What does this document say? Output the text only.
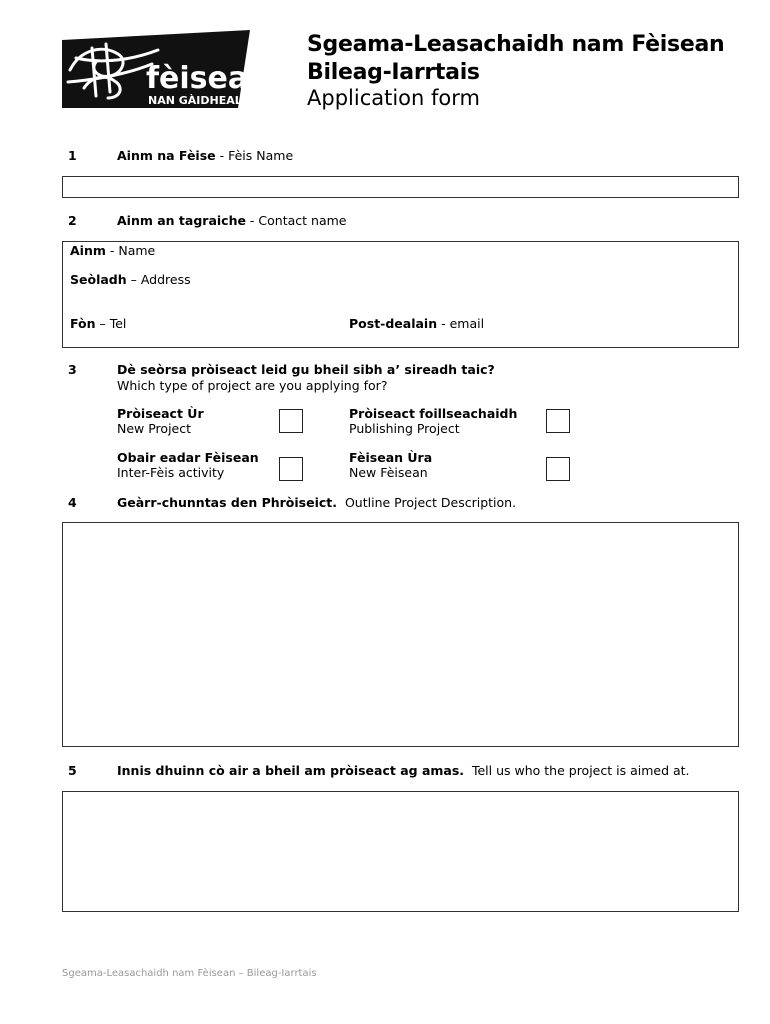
fèisean
NAN GÀIDHEAL
Sgeama-Leasachaidh nam Fèisean
Bileag-Iarrtais
Application form
1	Ainm na Fèise - Fèis Name
2	Ainm an tagraiche - Contact name
Ainm - Name
Seòladh – Address
Fòn – Tel	Post-dealain - email
3	Dè seòrsa pròiseact leid gu bheil sibh a’ sireadh taic?
Which type of project are you applying for?
Pròiseact Ùr
New Project
Pròiseact foillseachaidh
Publishing Project
Obair eadar Fèisean
Inter-Fèis activity
Fèisean Ùra
New Fèisean
4	Geàrr-chunntas den Phròiseict.  Outline Project Description.
5	Innis dhuinn cò air a bheil am pròiseact ag amas.  Tell us who the project is aimed at.
Sgeama-Leasachaidh nam Fèisean – Bileag-Iarrtais
